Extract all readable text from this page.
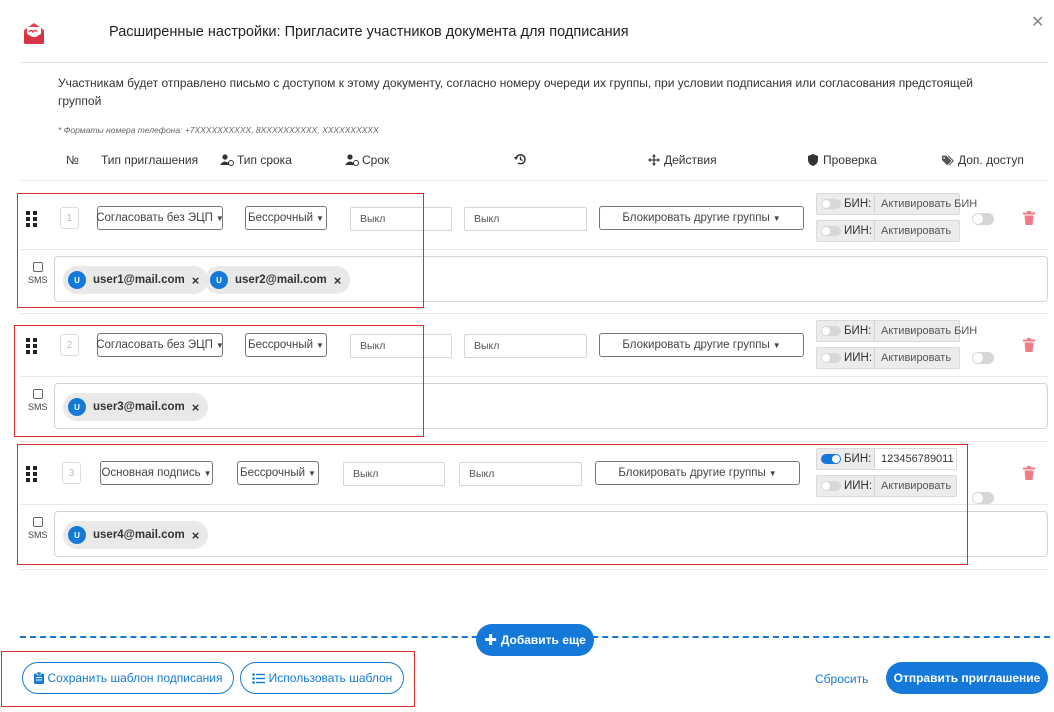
Расширенные настройки: Пригласите участников документа для подписания
✕
Участникам будет отправлено письмо с доступом к этому документу, согласно номеру очереди их группы, при условии подписания или согласования предстоящей группой
* Форматы номера телефона: +7XXXXXXXXXX, 8XXXXXXXXXX, XXXXXXXXXX
№ Тип приглашения	Тип срока	Срок	Действия	Проверка	Доп. доступ
1	Согласовать без ЭЦП ▼ Бессрочный ▼	Выкл	Выкл	Блокировать другие группы ▼
БИН: Активировать БИН
ИИН: Активировать
SMS	U	user1@mail.com ×	U	user2@mail.com ×
2	Согласовать без ЭЦП ▼ Бессрочный ▼	Выкл	Выкл	Блокировать другие группы ▼
БИН: Активировать БИН
ИИН: Активировать
SMS	U	user3@mail.com ×
3	Основная подпись ▼ Бессрочный ▼	Выкл	Выкл	Блокировать другие группы ▼
БИН: 123456789011
ИИН: Активировать
SMS	U	user4@mail.com ×
✚ Добавить еще
Сохранить шаблон подписания	Использовать шаблон	Сбросить	Отправить приглашение
